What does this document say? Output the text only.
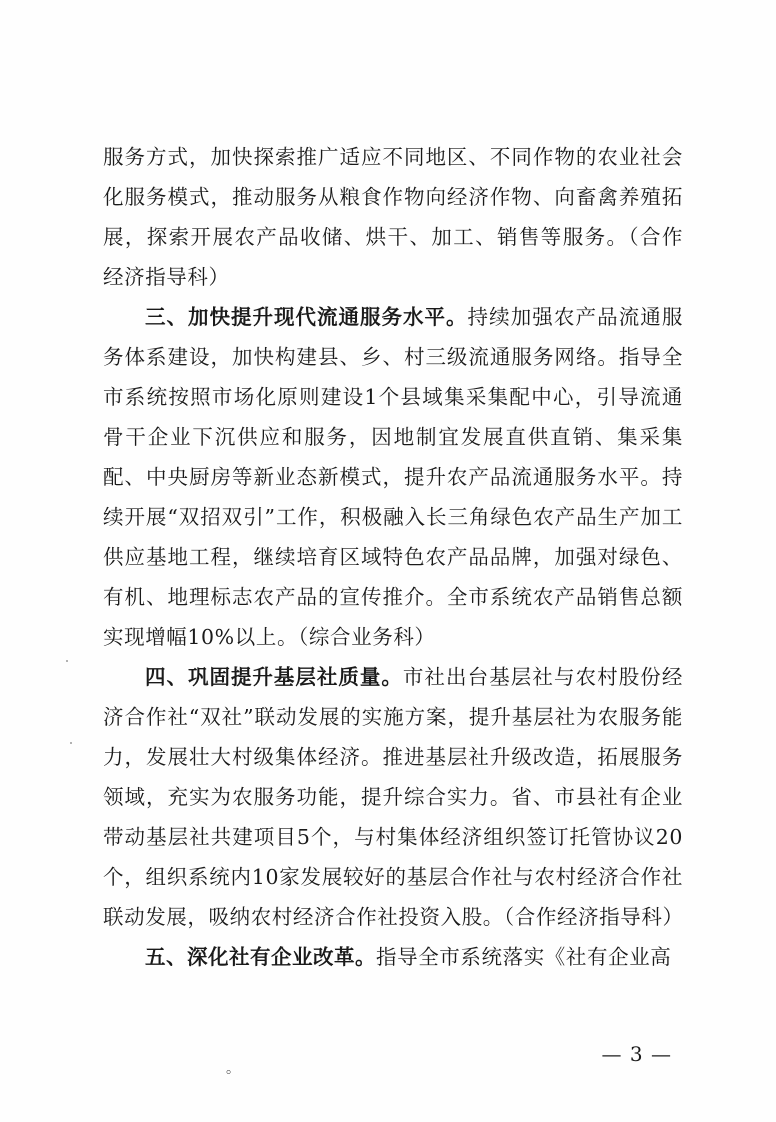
服务方式，加快探索推广适应不同地区、不同作物的农业社会化服务模式，推动服务从粮食作物向经济作物、向畜禽养殖拓展，探索开展农产品收储、烘干、加工、销售等服务。（合作经济指导科）

三、加快提升现代流通服务水平。持续加强农产品流通服务体系建设，加快构建县、乡、村三级流通服务网络。指导全市系统按照市场化原则建设1个县域集采集配中心，引导流通骨干企业下沉供应和服务，因地制宜发展直供直销、集采集配、中央厨房等新业态新模式，提升农产品流通服务水平。持续开展“双招双引”工作，积极融入长三角绿色农产品生产加工供应基地工程，继续培育区域特色农产品品牌，加强对绿色、有机、地理标志农产品的宣传推介。全市系统农产品销售总额实现增幅10%以上。（综合业务科）

四、巩固提升基层社质量。市社出台基层社与农村股份经济合作社“双社”联动发展的实施方案，提升基层社为农服务能力，发展壮大村级集体经济。推进基层社升级改造，拓展服务领域，充实为农服务功能，提升综合实力。省、市县社有企业带动基层社共建项目5个，与村集体经济组织签订托管协议20个，组织系统内10家发展较好的基层合作社与农村经济合作社联动发展，吸纳农村经济合作社投资入股。（合作经济指导科）

五、深化社有企业改革。指导全市系统落实《社有企业高

。
— 3 —
